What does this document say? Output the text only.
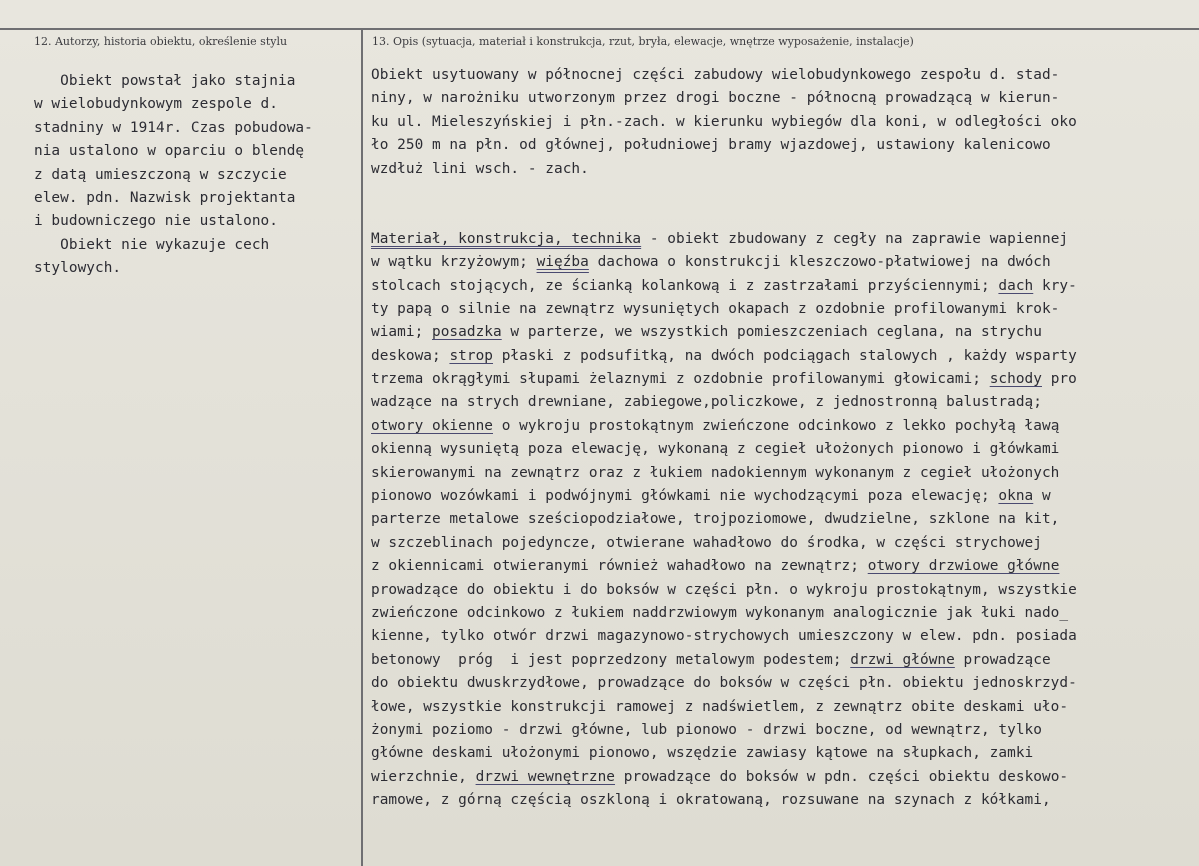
12. Autorzy, historia obiektu, określenie stylu	13. Opis (sytuacja, materiał i konstrukcja, rzut, bryła, elewacje, wnętrze wyposażenie, instalacje)
Obiekt powstał jako stajnia
w wielobudynkowym zespole d.
stadniny w 1914r. Czas pobudowa-
nia ustalono w oparciu o blendę
z datą umieszczoną w szczycie
elew. pdn. Nazwisk projektanta
i budowniczego nie ustalono.
Obiekt nie wykazuje cech
stylowych.
Obiekt usytuowany w północnej części zabudowy wielobudynkowego zespołu d. stad-
niny, w narożniku utworzonym przez drogi boczne - północną prowadzącą w kierun-
ku ul. Mieleszyńskiej i płn.-zach. w kierunku wybiegów dla koni, w odległości oko
ło 250 m na płn. od głównej, południowej bramy wjazdowej, ustawiony kalenicowo
wzdłuż lini wsch. - zach.
Materiał, konstrukcja, technika - obiekt zbudowany z cegły na zaprawie wapiennej
w wątku krzyżowym; więźba dachowa o konstrukcji kleszczowo-płatwiowej na dwóch
stolcach stojących, ze ścianką kolankową i z zastrzałami przyściennymi; dach kry-
ty papą o silnie na zewnątrz wysuniętych okapach z ozdobnie profilowanymi krok-
wiami; posadzka w parterze, we wszystkich pomieszczeniach ceglana, na strychu
deskowa; strop płaski z podsufitką, na dwóch podciągach stalowych , każdy wsparty
trzema okrągłymi słupami żelaznymi z ozdobnie profilowanymi głowicami; schody pro
wadzące na strych drewniane, zabiegowe,policzkowe, z jednostronną balustradą;
otwory okienne o wykroju prostokątnym zwieńczone odcinkowo z lekko pochyłą ławą
okienną wysuniętą poza elewację, wykonaną z cegieł ułożonych pionowo i główkami
skierowanymi na zewnątrz oraz z łukiem nadokiennym wykonanym z cegieł ułożonych
pionowo wozówkami i podwójnymi główkami nie wychodzącymi poza elewację; okna w
parterze metalowe sześciopodziałowe, trojpoziomowe, dwudzielne, szklone na kit,
w szczeblinach pojedyncze, otwierane wahadłowo do środka, w części strychowej
z okiennicami otwieranymi również wahadłowo na zewnątrz; otwory drzwiowe główne
prowadzące do obiektu i do boksów w części płn. o wykroju prostokątnym, wszystkie
zwieńczone odcinkowo z łukiem naddrzwiowym wykonanym analogicznie jak łuki nado_
kienne, tylko otwór drzwi magazynowo-strychowych umieszczony w elew. pdn. posiada
betonowy  próg  i jest poprzedzony metalowym podestem; drzwi główne prowadzące
do obiektu dwuskrzydłowe, prowadzące do boksów w części płn. obiektu jednoskrzyd-
łowe, wszystkie konstrukcji ramowej z nadświetlem, z zewnątrz obite deskami uło-
żonymi poziomo - drzwi główne, lub pionowo - drzwi boczne, od wewnątrz, tylko
główne deskami ułożonymi pionowo, wszędzie zawiasy kątowe na słupkach, zamki
wierzchnie, drzwi wewnętrzne prowadzące do boksów w pdn. części obiektu deskowo-
ramowe, z górną częścią oszkloną i okratowaną, rozsuwane na szynach z kółkami,
